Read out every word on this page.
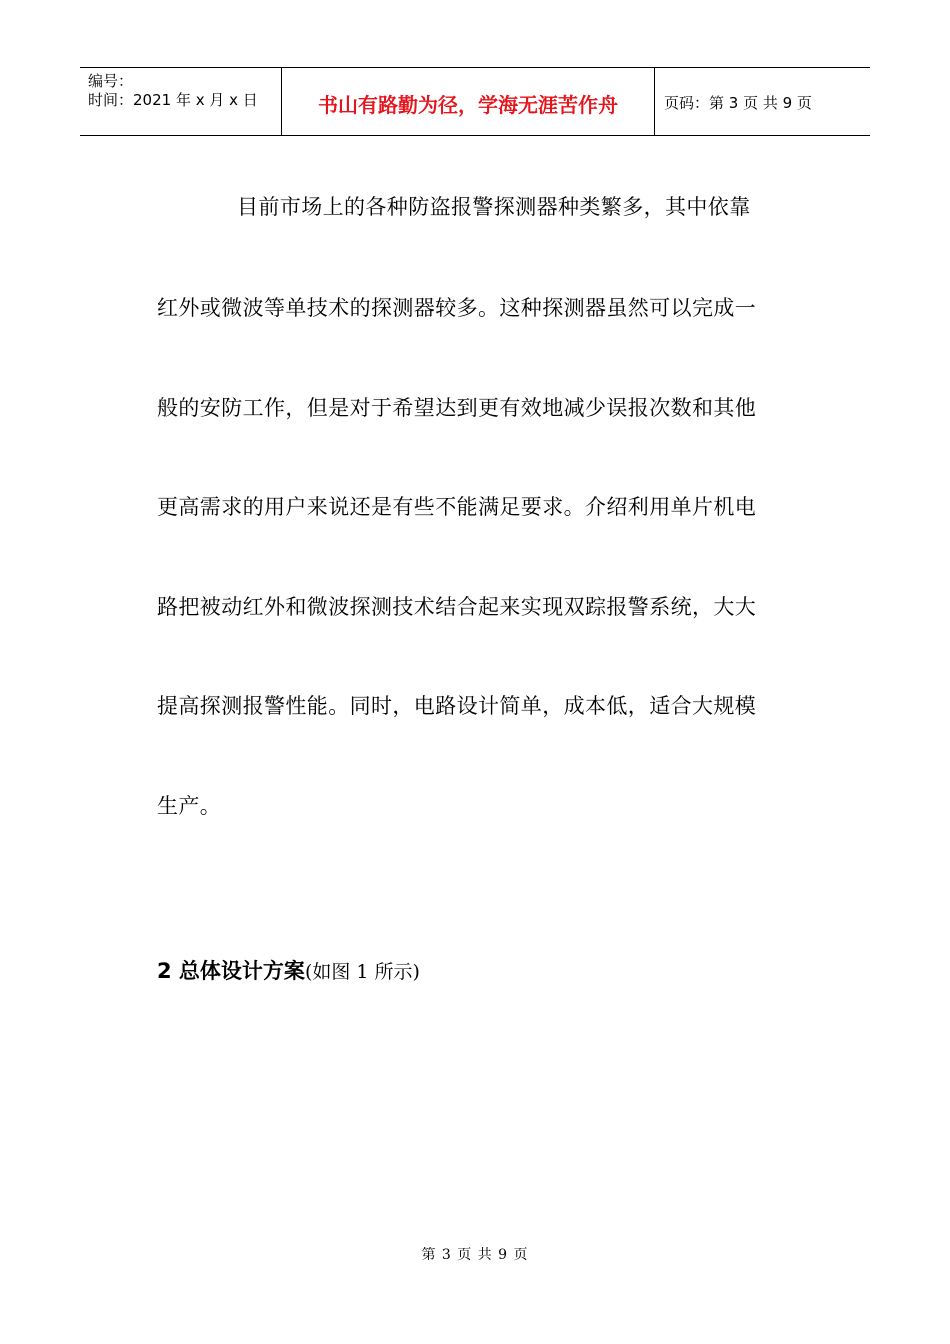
编号：
时间：2021 年 x 月 x 日	书山有路勤为径，学海无涯苦作舟	页码：第 3 页 共 9 页
目前市场上的各种防盗报警探测器种类繁多，其中依靠
红外或微波等单技术的探测器较多。这种探测器虽然可以完成一
般的安防工作，但是对于希望达到更有效地减少误报次数和其他
更高需求的用户来说还是有些不能满足要求。介绍利用单片机电
路把被动红外和微波探测技术结合起来实现双踪报警系统，大大
提高探测报警性能。同时，电路设计简单，成本低，适合大规模
生产。
2 总体设计方案(如图 1 所示)
第 3 页 共 9 页
